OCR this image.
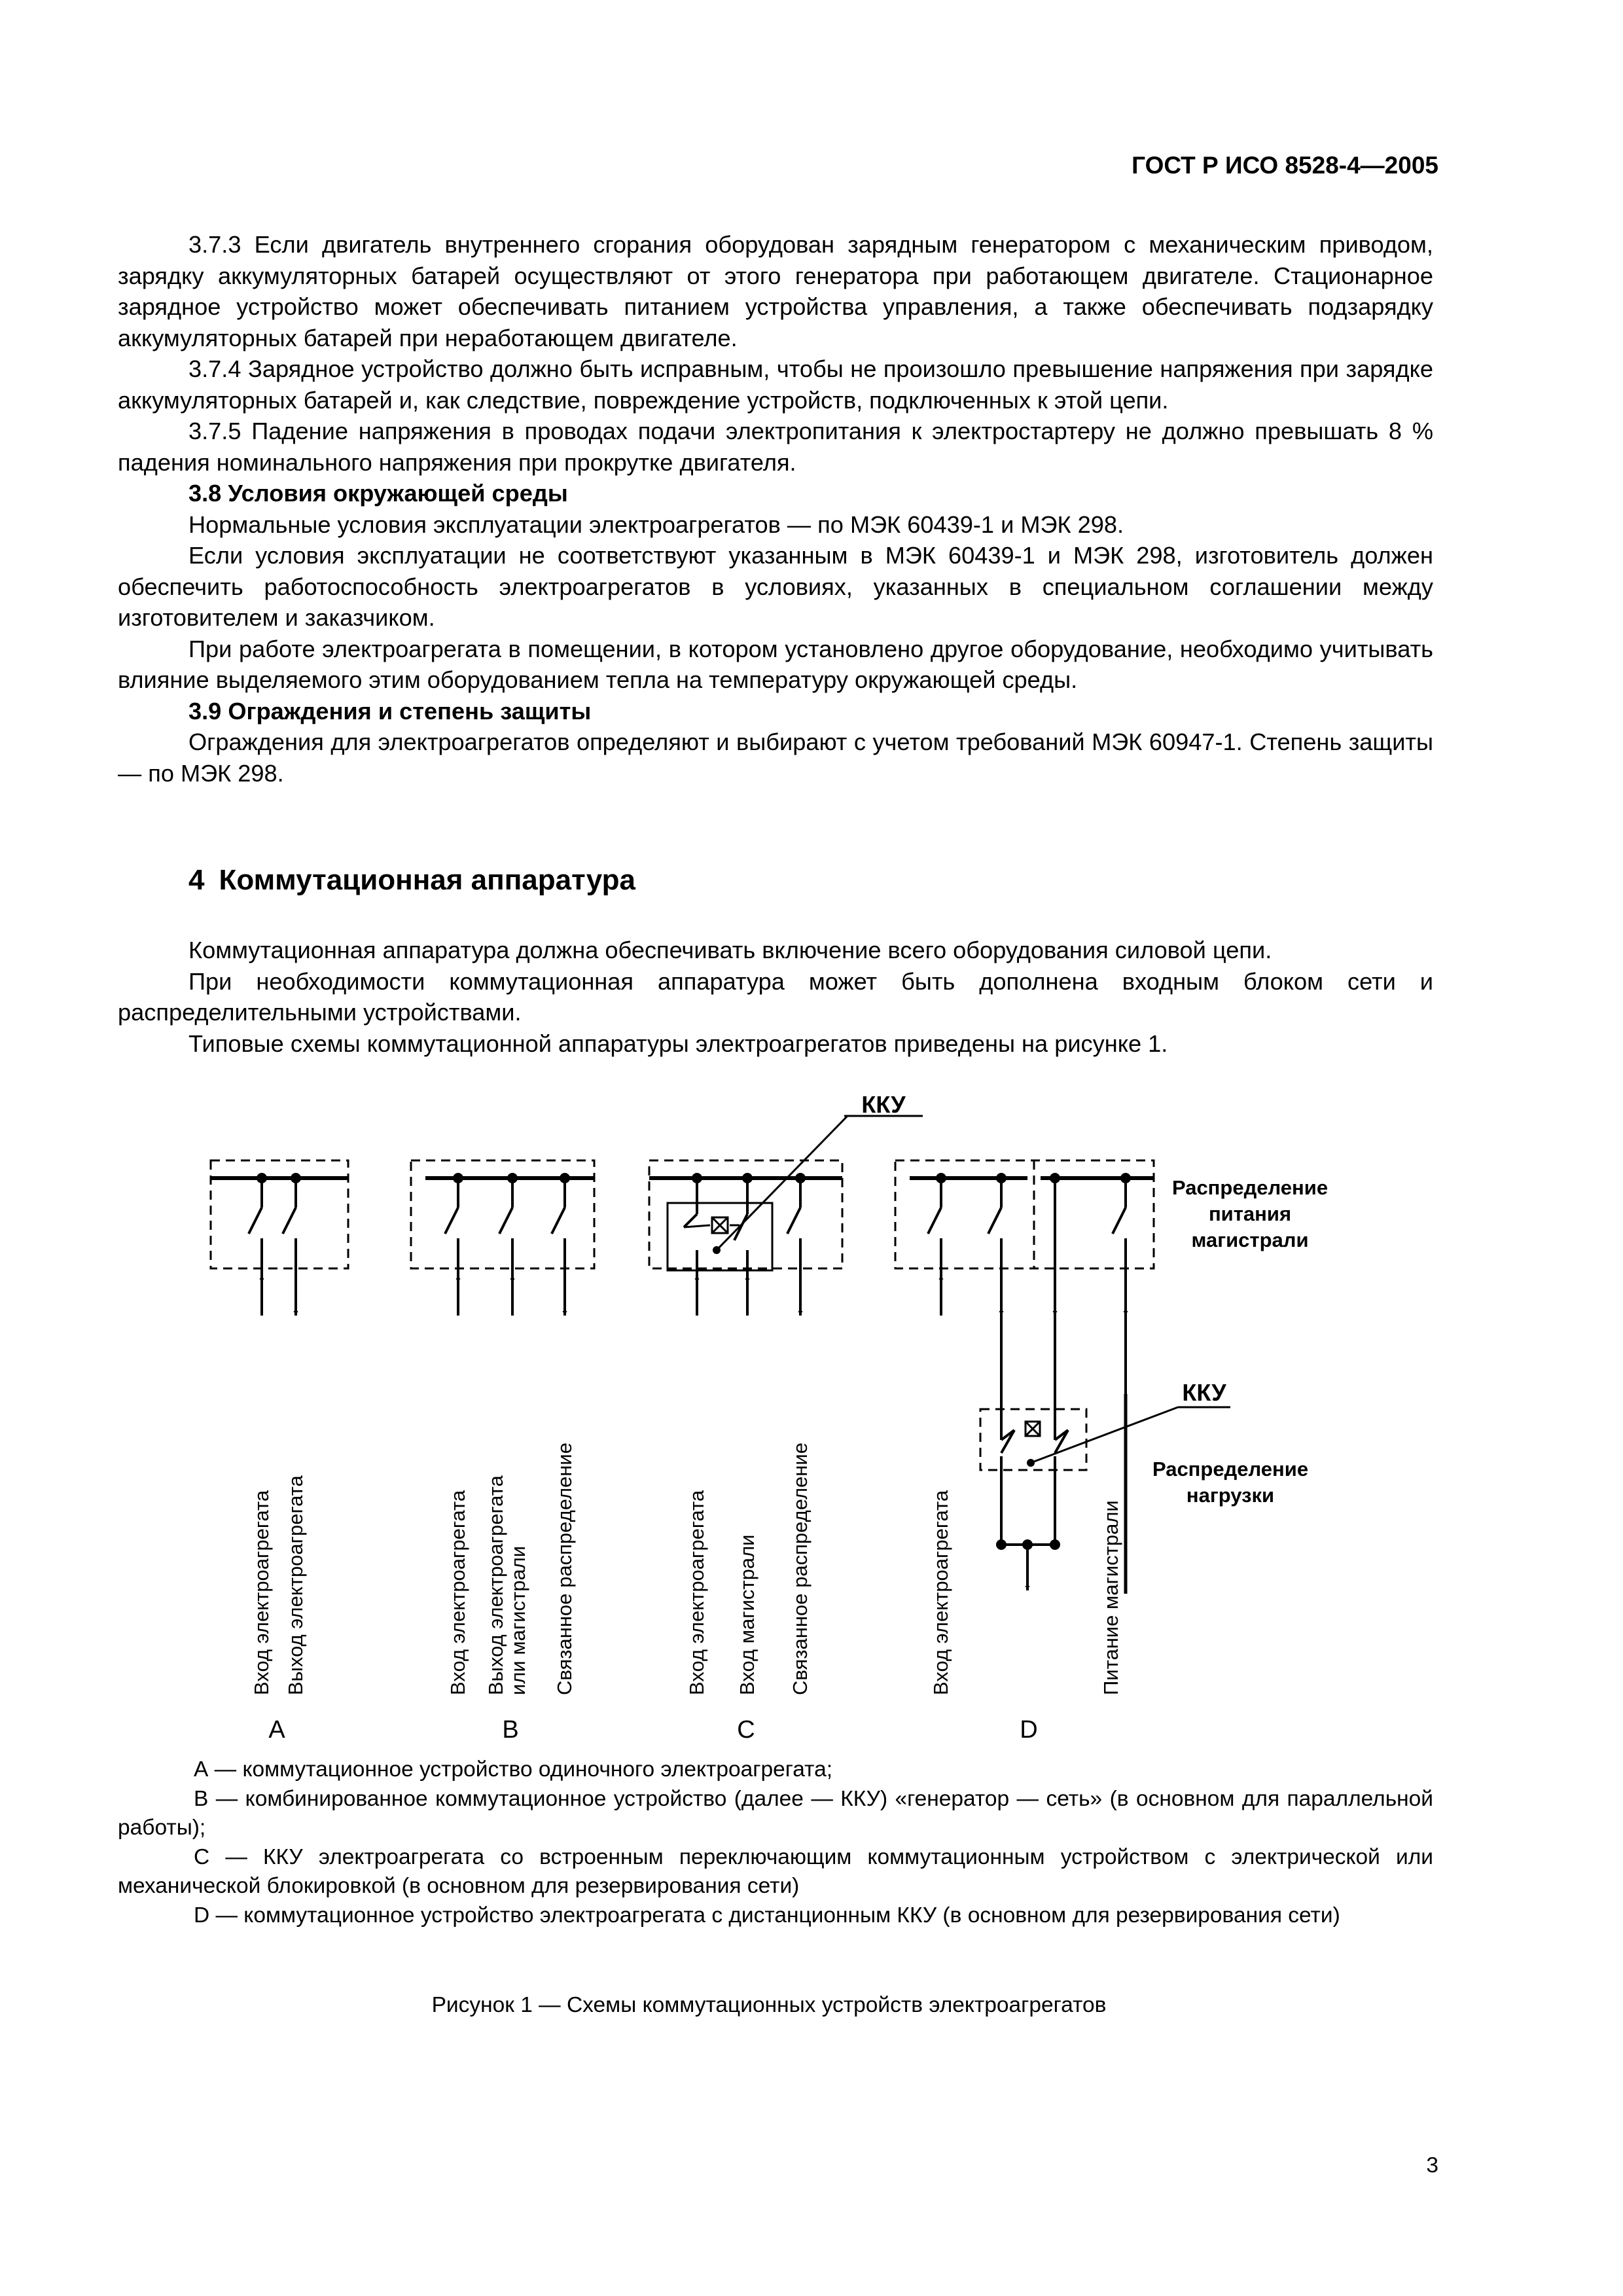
ГОСТ Р ИСО 8528-4—2005

3.7.3 Если двигатель внутреннего сгорания оборудован зарядным генератором с механическим приводом, зарядку аккумуляторных батарей осуществляют от этого генератора при работающем двигателе. Стационарное зарядное устройство может обеспечивать питанием устройства управления, а также обеспечивать подзарядку аккумуляторных батарей при неработающем двигателе.

3.7.4 Зарядное устройство должно быть исправным, чтобы не произошло превышение напряжения при зарядке аккумуляторных батарей и, как следствие, повреждение устройств, подключенных к этой цепи.

3.7.5 Падение напряжения в проводах подачи электропитания к электростартеру не должно превышать 8 % падения номинального напряжения при прокрутке двигателя.

3.8 Условия окружающей среды

Нормальные условия эксплуатации электроагрегатов — по МЭК 60439-1 и МЭК 298.

Если условия эксплуатации не соответствуют указанным в МЭК 60439-1 и МЭК 298, изготовитель должен обеспечить работоспособность электроагрегатов в условиях, указанных в специальном соглашении между изготовителем и заказчиком.

При работе электроагрегата в помещении, в котором установлено другое оборудование, необходимо учитывать влияние выделяемого этим оборудованием тепла на температуру окружающей среды.

3.9 Ограждения и степень защиты

Ограждения для электроагрегатов определяют и выбирают с учетом требований МЭК 60947-1. Степень защиты — по МЭК 298.

4 Коммутационная аппаратура

Коммутационная аппаратура должна обеспечивать включение всего оборудования силовой цепи.

При необходимости коммутационная аппаратура может быть дополнена входным блоком сети и распределительными устройствами.

Типовые схемы коммутационной аппаратуры электроагрегатов приведены на рисунке 1.

ККУ
ККУ
Распределение
питания
магистрали
Распределение
нагрузки
Вход электроагрегата Выход электроагрегата	Вход электроагрегата Выход электроагрегата или магистрали Связанное распределение	Вход электроагрегата Вход магистрали Связанное распределение	Вход электроагрегата	Питание магистрали
A	B	C	D

А — коммутационное устройство одиночного электроагрегата;

В — комбинированное коммутационное устройство (далее — ККУ) «генератор — сеть» (в основном для параллельной работы);

С — ККУ электроагрегата со встроенным переключающим коммутационным устройством с электрической или механической блокировкой (в основном для резервирования сети)

D — коммутационное устройство электроагрегата с дистанционным ККУ (в основном для резервирования сети)

Рисунок 1 — Схемы коммутационных устройств электроагрегатов
3
